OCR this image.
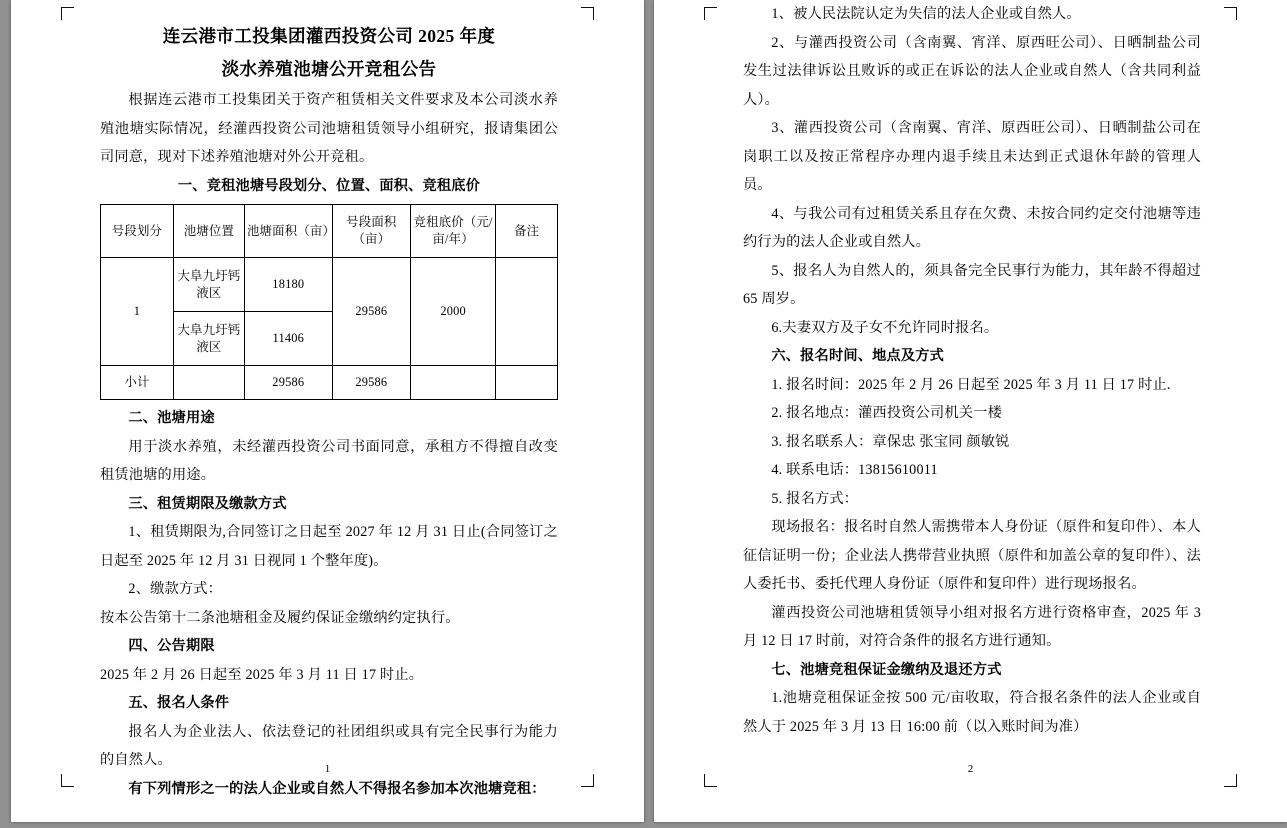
连云港市工投集团灌西投资公司 2025 年度
淡水养殖池塘公开竞租公告

根据连云港市工投集团关于资产租赁相关文件要求及本公司淡水养殖池塘实际情况，经灌西投资公司池塘租赁领导小组研究，报请集团公司同意，现对下述养殖池塘对外公开竞租。

一、竞租池塘号段划分、位置、面积、竞租底价

号段划分	池塘位置	池塘面积（亩）	号段面积（亩）	竞租底价（元/亩/年）	备注
1	大阜九圩钙液区	18180	29586	2000	
	大阜九圩钙液区	11406			
小计		29586	29586		

二、池塘用途

用于淡水养殖，未经灌西投资公司书面同意，承租方不得擅自改变租赁池塘的用途。

三、租赁期限及缴款方式

1、租赁期限为,合同签订之日起至 2027 年 12 月 31 日止(合同签订之日起至 2025 年 12 月 31 日视同 1 个整年度)。

2、缴款方式：

按本公告第十二条池塘租金及履约保证金缴纳约定执行。

四、公告期限

2025 年 2 月 26 日起至 2025 年 3 月 11 日 17 时止。

五、报名人条件

报名人为企业法人、依法登记的社团组织或具有完全民事行为能力的自然人。

有下列情形之一的法人企业或自然人不得报名参加本次池塘竞租：

1

1、被人民法院认定为失信的法人企业或自然人。

2、与灌西投资公司（含南翼、宵洋、原西旺公司）、日晒制盐公司发生过法律诉讼且败诉的或正在诉讼的法人企业或自然人（含共同利益人）。

3、灌西投资公司（含南翼、宵洋、原西旺公司）、日晒制盐公司在岗职工以及按正常程序办理内退手续且未达到正式退休年龄的管理人员。

4、与我公司有过租赁关系且存在欠费、未按合同约定交付池塘等违约行为的法人企业或自然人。

5、报名人为自然人的，须具备完全民事行为能力，其年龄不得超过 65 周岁。

6.夫妻双方及子女不允许同时报名。

六、报名时间、地点及方式

1. 报名时间：2025 年 2 月 26 日起至 2025 年 3 月 11 日 17 时止.

2. 报名地点：灌西投资公司机关一楼

3. 报名联系人：章保忠 张宝同 颜敏锐

4. 联系电话：13815610011

5. 报名方式：

现场报名：报名时自然人需携带本人身份证（原件和复印件）、本人征信证明一份；企业法人携带营业执照（原件和加盖公章的复印件）、法人委托书、委托代理人身份证（原件和复印件）进行现场报名。

灌西投资公司池塘租赁领导小组对报名方进行资格审查，2025 年 3 月 12 日 17 时前，对符合条件的报名方进行通知。

七、池塘竞租保证金缴纳及退还方式

1.池塘竞租保证金按 500 元/亩收取，符合报名条件的法人企业或自然人于 2025 年 3 月 13 日 16:00 前（以入账时间为准）

2
